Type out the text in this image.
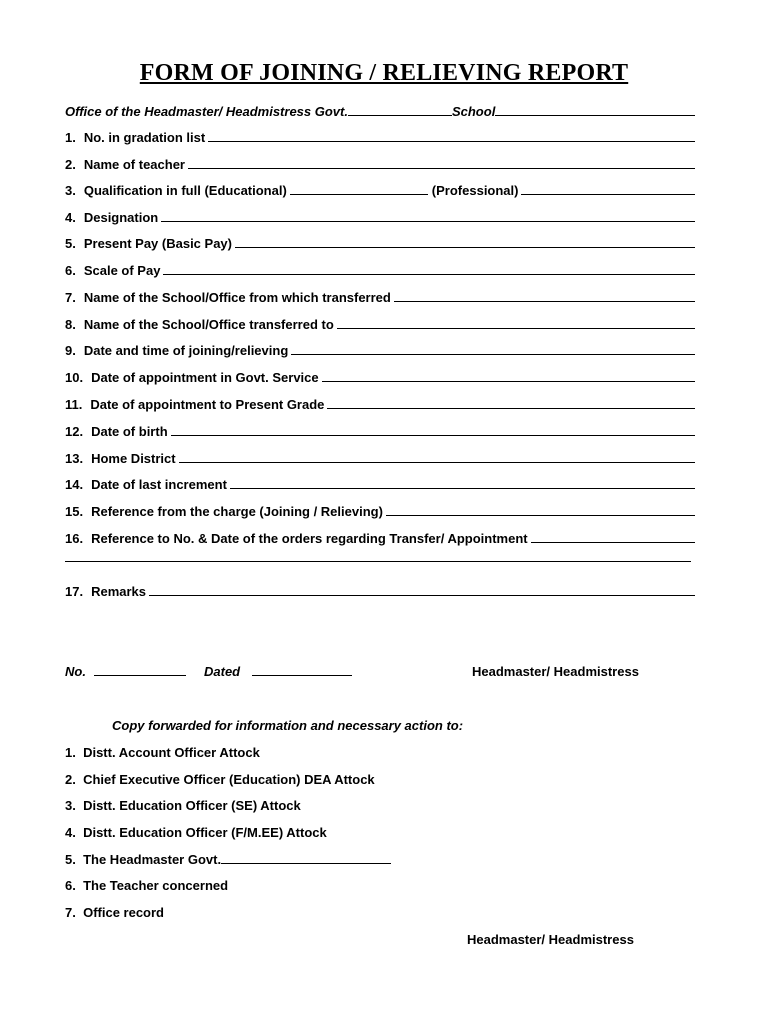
FORM OF JOINING / RELIEVING REPORT
Office of the Headmaster/ Headmistress Govt.	School
1. No. in gradation list
2. Name of teacher
3. Qualification in full (Educational)	(Professional)
4. Designation
5. Present Pay (Basic Pay)
6. Scale of Pay
7. Name of the School/Office from which transferred
8. Name of the School/Office transferred to
9. Date and time of joining/relieving
10. Date of appointment in Govt. Service
11. Date of appointment to Present Grade
12. Date of birth
13. Home District
14. Date of last increment
15. Reference from the charge (Joining / Relieving)
16. Reference to No. & Date of the orders regarding Transfer/ Appointment
17. Remarks
No.	Dated	Headmaster/ Headmistress
Copy forwarded for information and necessary action to:
1. Distt. Account Officer Attock
2. Chief Executive Officer (Education) DEA Attock
3. Distt. Education Officer (SE) Attock
4. Distt. Education Officer (F/M.EE) Attock
5. The Headmaster Govt.
6. The Teacher concerned
7. Office record
Headmaster/ Headmistress
